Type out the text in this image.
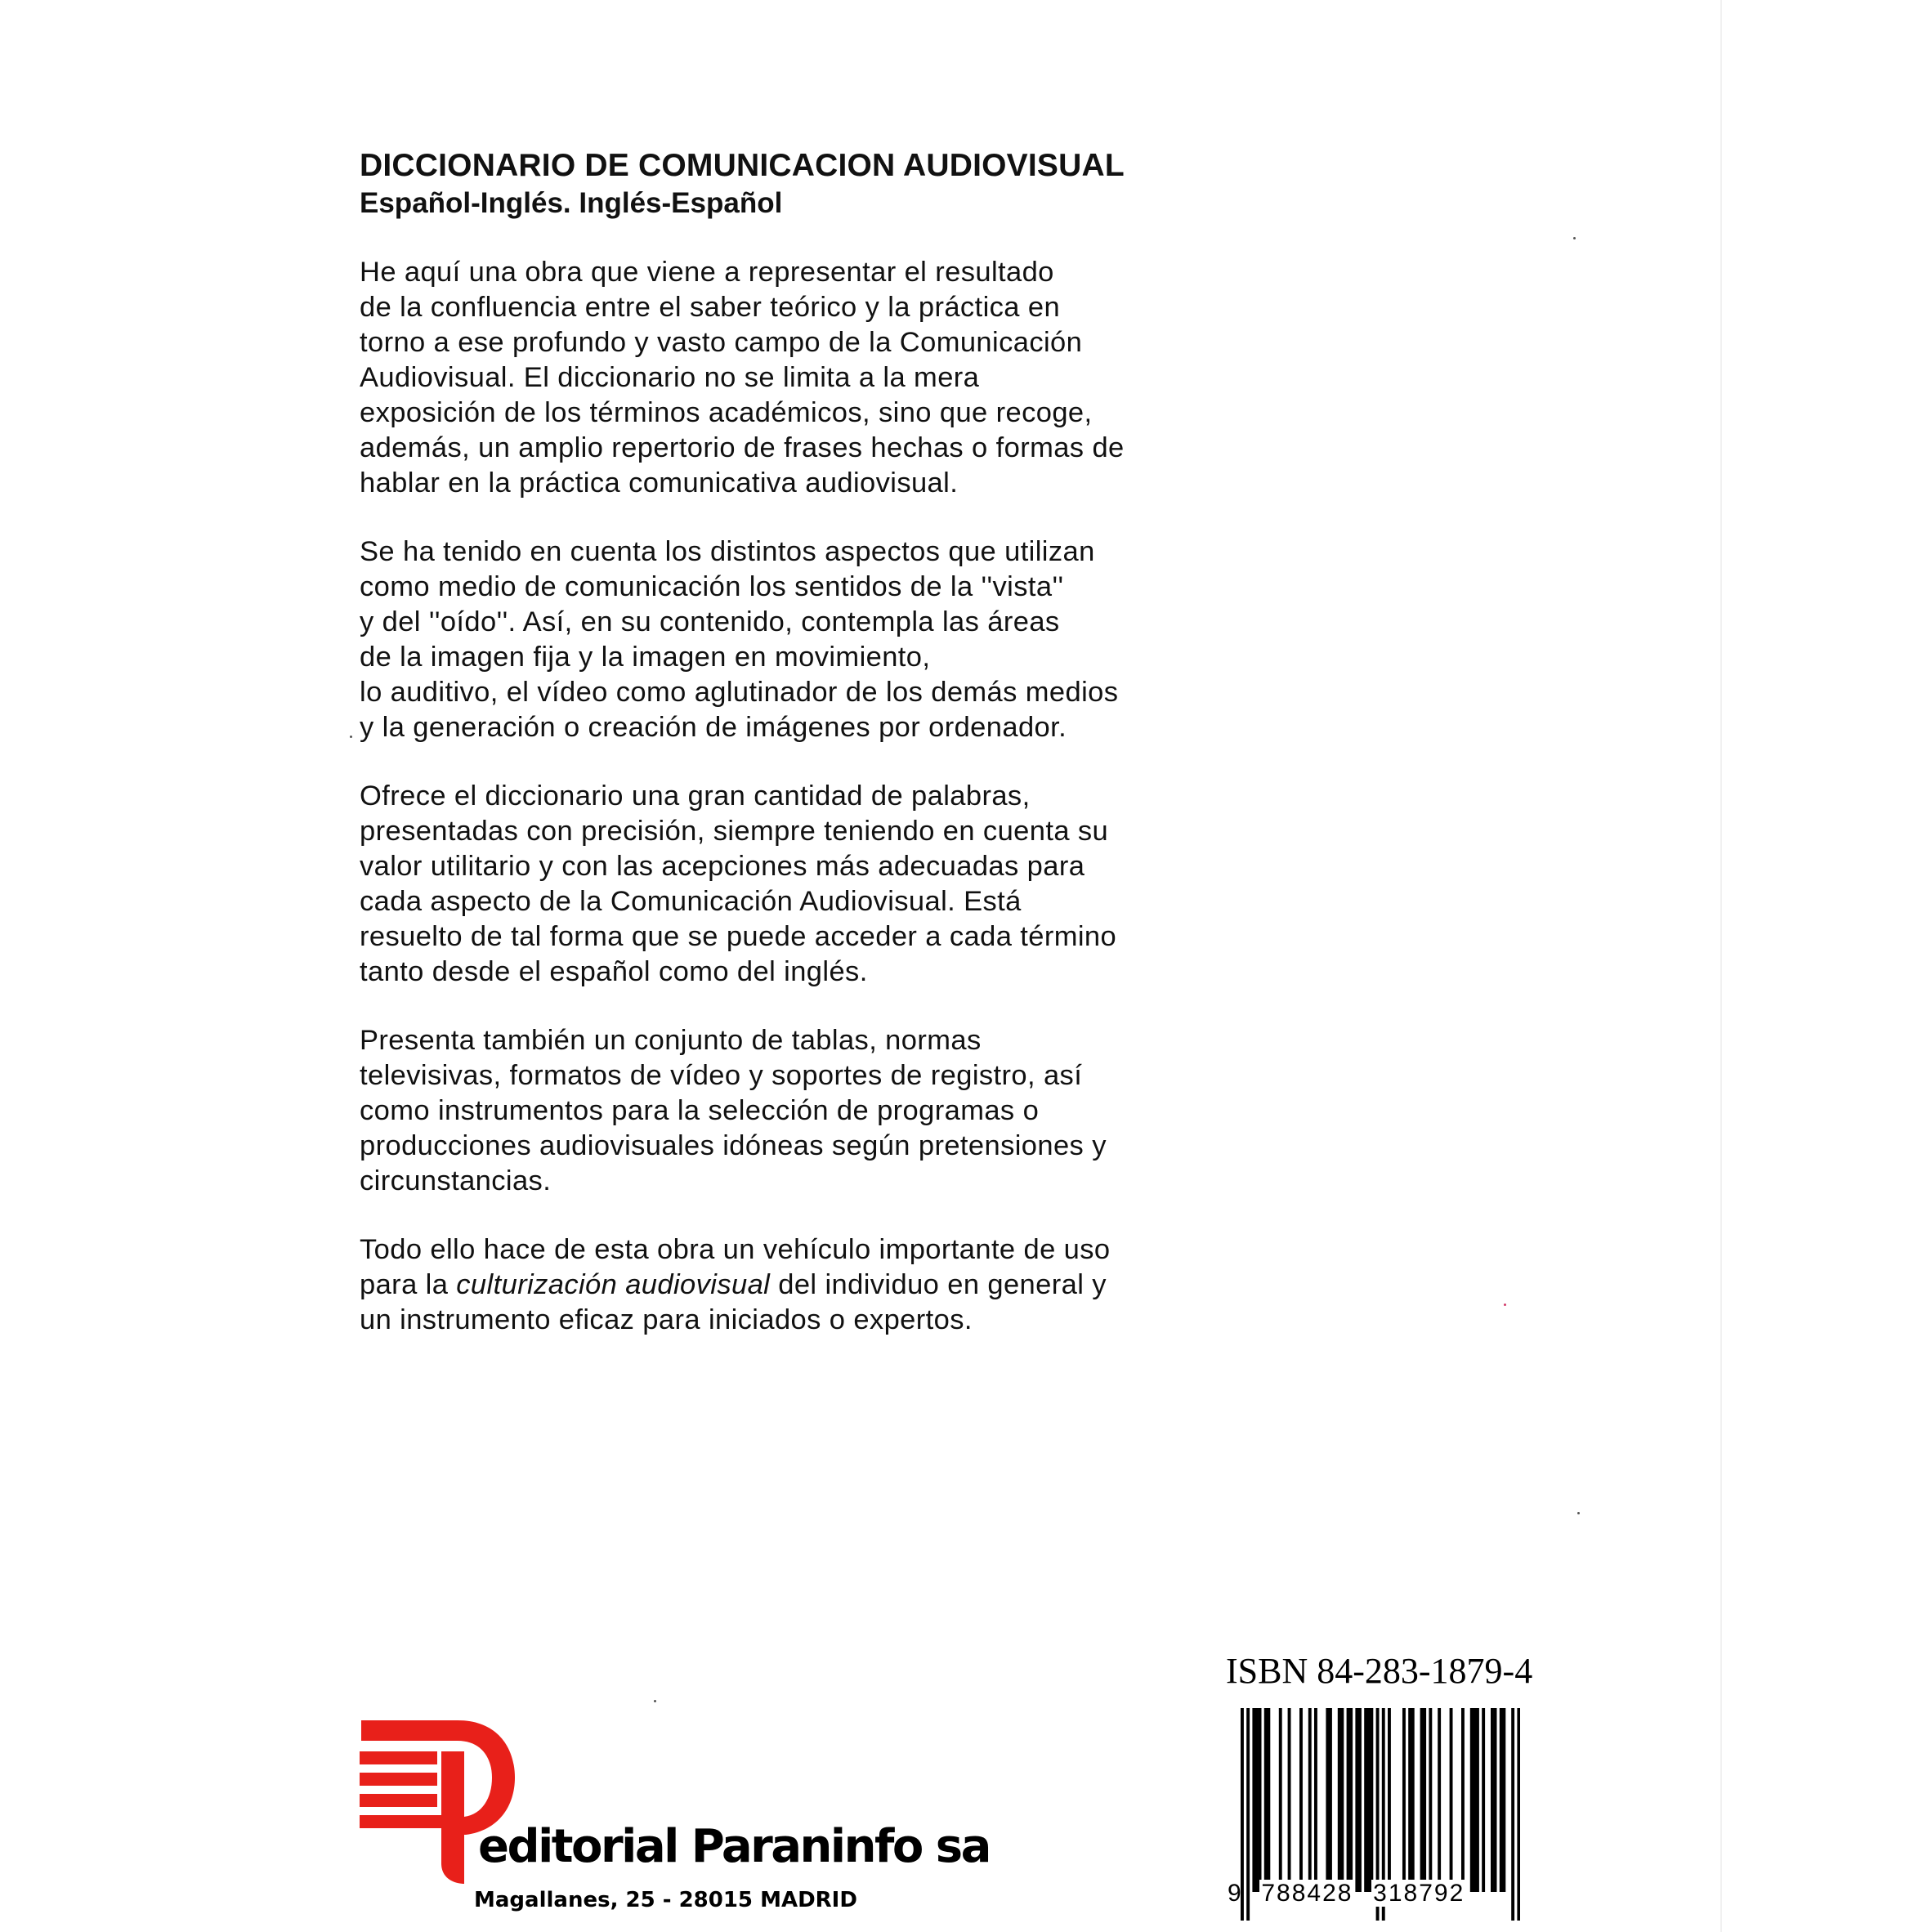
DICCIONARIO DE COMUNICACION AUDIOVISUAL
Español-Inglés. Inglés-Español

He aquí una obra que viene a representar el resultado
de la confluencia entre el saber teórico y la práctica en
torno a ese profundo y vasto campo de la Comunicación
Audiovisual. El diccionario no se limita a la mera
exposición de los términos académicos, sino que recoge,
además, un amplio repertorio de frases hechas o formas de
hablar en la práctica comunicativa audiovisual.

Se ha tenido en cuenta los distintos aspectos que utilizan
como medio de comunicación los sentidos de la ''vista''
y del ''oído''. Así, en su contenido, contempla las áreas
de la imagen fija y la imagen en movimiento,
lo auditivo, el vídeo como aglutinador de los demás medios
y la generación o creación de imágenes por ordenador.

Ofrece el diccionario una gran cantidad de palabras,
presentadas con precisión, siempre teniendo en cuenta su
valor utilitario y con las acepciones más adecuadas para
cada aspecto de la Comunicación Audiovisual. Está
resuelto de tal forma que se puede acceder a cada término
tanto desde el español como del inglés.

Presenta también un conjunto de tablas, normas
televisivas, formatos de vídeo y soportes de registro, así
como instrumentos para la selección de programas o
producciones audiovisuales idóneas según pretensiones y
circunstancias.

Todo ello hace de esta obra un vehículo importante de uso
para la culturización audiovisual del individuo en general y
un instrumento eficaz para iniciados o expertos.

editorial Paraninfo sa
Magallanes, 25 - 28015 MADRID
ISBN 84-283-1879-4
9 788428 318792
